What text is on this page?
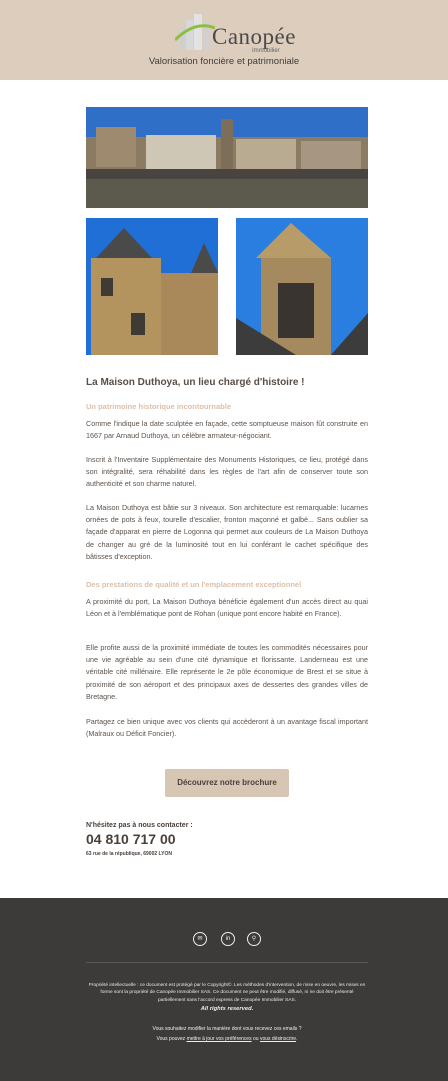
Canopée
Immobilier
Valorisation foncière et patrimoniale
La Maison Duthoya, un lieu chargé d'histoire !
Un patrimoine historique incontournable
Comme l'indique la date sculptée en façade, cette somptueuse maison fût construite en 1667 par Arnaud Duthoya, un célèbre armateur-négociant.
Inscrit à l'Inventaire Supplémentaire des Monuments Historiques, ce lieu, protégé dans son intégralité, sera réhabilité dans les règles de l'art afin de conserver toute son authenticité et son charme naturel.
La Maison Duthoya est bâtie sur 3 niveaux. Son architecture est remarquable: lucarnes ornées de pots à feux, tourelle d'escalier, fronton maçonné et galbé... Sans oublier sa façade d'apparat en pierre de Logonna qui permet aux couleurs de La Maison Duthoya de changer au gré de la luminosité tout en lui conférant le cachet spécifique des bâtisses d'exception.
Des prestations de qualité et un l'emplacement exceptionnel
A proximité du port, La Maison Duthoya bénéficie également d'un accès direct au quai Léon et à l'emblématique pont de Rohan (unique pont encore habité en France).
Elle profite aussi de la proximité immédiate de toutes les commodités nécessaires pour une vie agréable au sein d'une cité dynamique et florissante. Landerneau est une véritable cité millénaire. Elle représente le 2e pôle économique de Brest et se situe à proximité de son aéroport et des principaux axes de dessertes des grandes villes de Bretagne.
Partagez ce bien unique avec vos clients qui accèderont à un avantage fiscal important (Malraux ou Déficit Foncier).
Découvrez notre brochure
N'hésitez pas à nous contacter :
04 810 717 00
63 rue de la république, 69002 LYON
✉	in	⚲
Propriété intellectuelle : ce document est protégé par le Copyright©. Les méthodes d'intervention, de mise en oeuvre, les mises en forme sont la propriété de Canopée Immobilier SAS. Ce document ne peut être modifié, diffusé, ni ne doit être présenté partiellement sans l'accord express de Canopée Immobilier SAS.
All rights reserved.
Vous souhaitez modifier la manière dont vous recevez ces emails ?
Vous pouvez mettre à jour vos préférences ou vous désinscrire.
